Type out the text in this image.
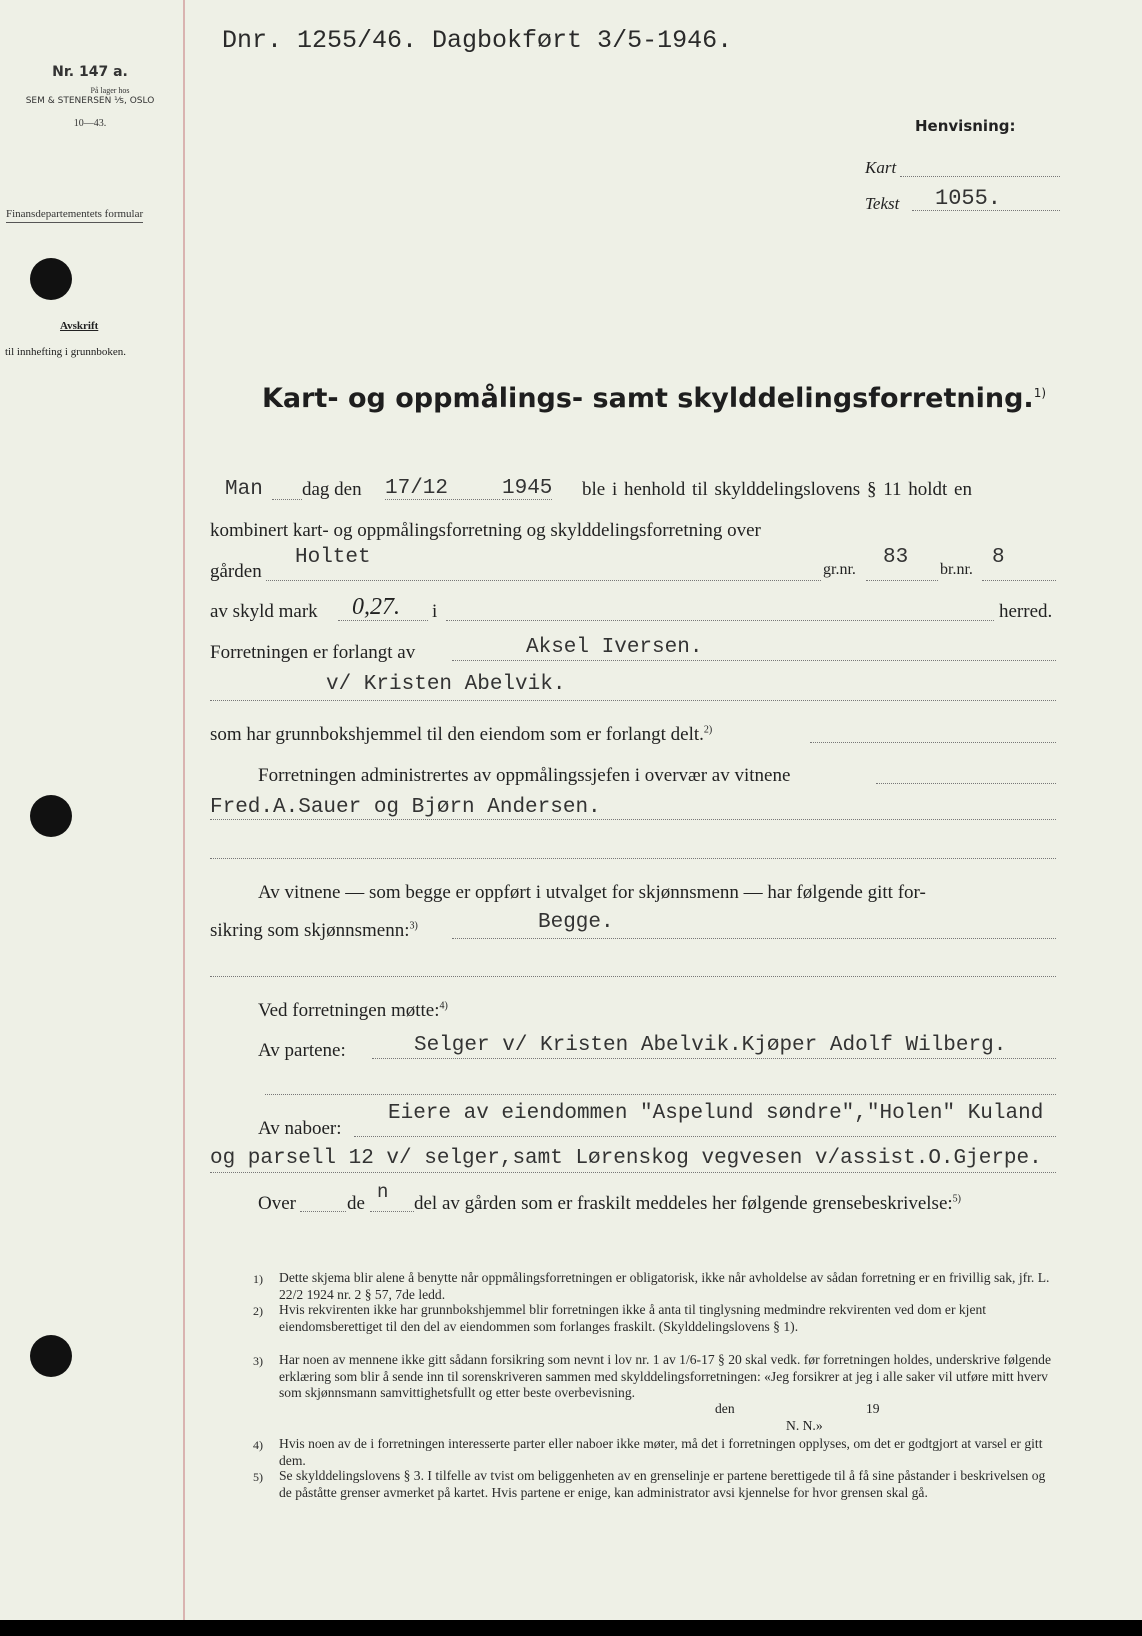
Nr. 147 a.
På lager hos
SEM & STENERSEN ⅟s, OSLO
10—43.
Finansdepartementets formular
Avskrift
til innhefting i grunnboken.
Dnr. 1255/46. Dagbokført 3/5-1946.
Henvisning:
Kart
Tekst 1055.
Kart- og oppmålings- samt skylddelingsforretning.$^{1)}$
Man dag den 17/12	1945 ble i henhold til skylddelingslovens § 11 holdt en
kombinert kart- og oppmålingsforretning og skylddelingsforretning over
gården
Holtet
gr.nr.
83
br.nr.
8
av skyld mark 0,27. i	herred.
Forretningen er forlangt av	Aksel Iversen.
v/ Kristen Abelvik.
som har grunnbokshjemmel til den eiendom som er forlangt delt.$^{2)}$
Forretningen administrertes av oppmålingssjefen i overvær av vitnene
Fred.A.Sauer og Bjørn Andersen.
Av vitnene — som begge er oppført i utvalget for skjønnsmenn — har følgende gitt for-
sikring som skjønnsmenn:$^{3)}$	Begge.
Ved forretningen møtte:$^{4)}$
Av partene:	Selger v/ Kristen Abelvik.Kjøper Adolf Wilberg.
Av naboer:
Eiere av eiendommen "Aspelund søndre","Holen" Kuland
og parsell 12 v/ selger,samt Lørenskog vegvesen v/assist.O.Gjerpe.
Over	de
n
del av gården som er fraskilt meddeles her følgende grensebeskrivelse:$^{5)}$
1) Dette skjema blir alene å benytte når oppmålingsforretningen er obligatorisk, ikke når avholdelse av sådan forretning er en frivillig sak, jfr. L. 22/2 1924 nr. 2 § 57, 7de ledd.
2) Hvis rekvirenten ikke har grunnbokshjemmel blir forretningen ikke å anta til tinglysning medmindre rekvirenten ved dom er kjent eiendomsberettiget til den del av eiendommen som forlanges fraskilt. (Skylddelingslovens § 1).
3) Har noen av mennene ikke gitt sådann forsikring som nevnt i lov nr. 1 av 1/6-17 § 20 skal vedk. før forretningen holdes, underskrive følgende erklæring som blir å sende inn til sorenskriveren sammen med skylddelingsforretningen: «Jeg forsikrer at jeg i alle saker vil utføre mitt hverv som skjønnsmann samvittighetsfullt og etter beste overbevisning.
den	19
N. N.»
4) Hvis noen av de i forretningen interesserte parter eller naboer ikke møter, må det i forretningen opplyses, om det er godtgjort at varsel er gitt dem.
5) Se skylddelingslovens § 3. I tilfelle av tvist om beliggenheten av en grenselinje er partene berettigede til å få sine påstander i beskrivelsen og de påståtte grenser avmerket på kartet. Hvis partene er enige, kan administrator avsi kjennelse for hvor grensen skal gå.
